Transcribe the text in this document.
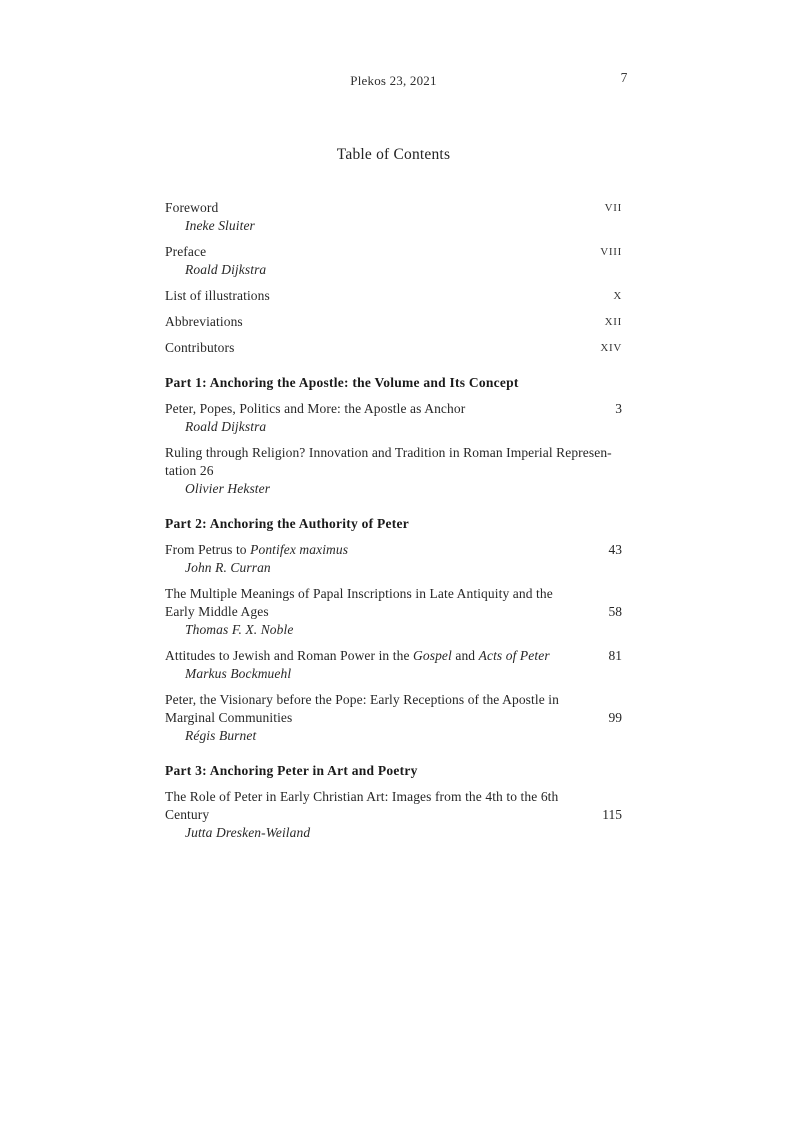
Plekos 23, 2021	7
Table of Contents
Foreword	VII
Ineke Sluiter
Preface	VIII
Roald Dijkstra
List of illustrations	X
Abbreviations	XII
Contributors	XIV
Part 1: Anchoring the Apostle: the Volume and Its Concept
Peter, Popes, Politics and More: the Apostle as Anchor	3
Roald Dijkstra
Ruling through Religion? Innovation and Tradition in Roman Imperial Representation 26
Olivier Hekster
Part 2: Anchoring the Authority of Peter
From Petrus to Pontifex maximus	43
John R. Curran
The Multiple Meanings of Papal Inscriptions in Late Antiquity and the Early Middle Ages	58
Thomas F. X. Noble
Attitudes to Jewish and Roman Power in the Gospel and Acts of Peter	81
Markus Bockmuehl
Peter, the Visionary before the Pope: Early Receptions of the Apostle in Marginal Communities	99
Régis Burnet
Part 3: Anchoring Peter in Art and Poetry
The Role of Peter in Early Christian Art: Images from the 4th to the 6th Century	115
Jutta Dresken-Weiland
